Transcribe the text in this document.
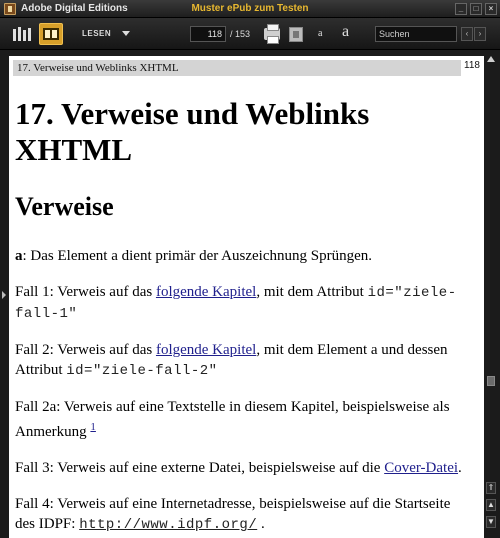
Adobe Digital Editions	Muster ePub zum Testen	_	□	×
LESEN
118	/ 153	a a
Suchen	‹	›
17. Verweise und Weblinks XHTML	118
17. Verweise und Weblinks XHTML
Verweise
a: Das Element a dient primär der Auszeichnung Sprüngen.
Fall 1: Verweis auf das folgende Kapitel, mit dem Attribut id="ziele-fall-1"
Fall 2: Verweis auf das folgende Kapitel, mit dem Element a und dessen Attribut id="ziele-fall-2"
Fall 2a: Verweis auf eine Textstelle in diesem Kapitel, beispielsweise als Anmerkung $^1$
Fall 3: Verweis auf eine externe Datei, beispielsweise auf die Cover-Datei.
Fall 4: Verweis auf eine Internetadresse, beispielsweise auf die Startseite des IDPF: http://www.idpf.org/ .
⇑
▲
▼
